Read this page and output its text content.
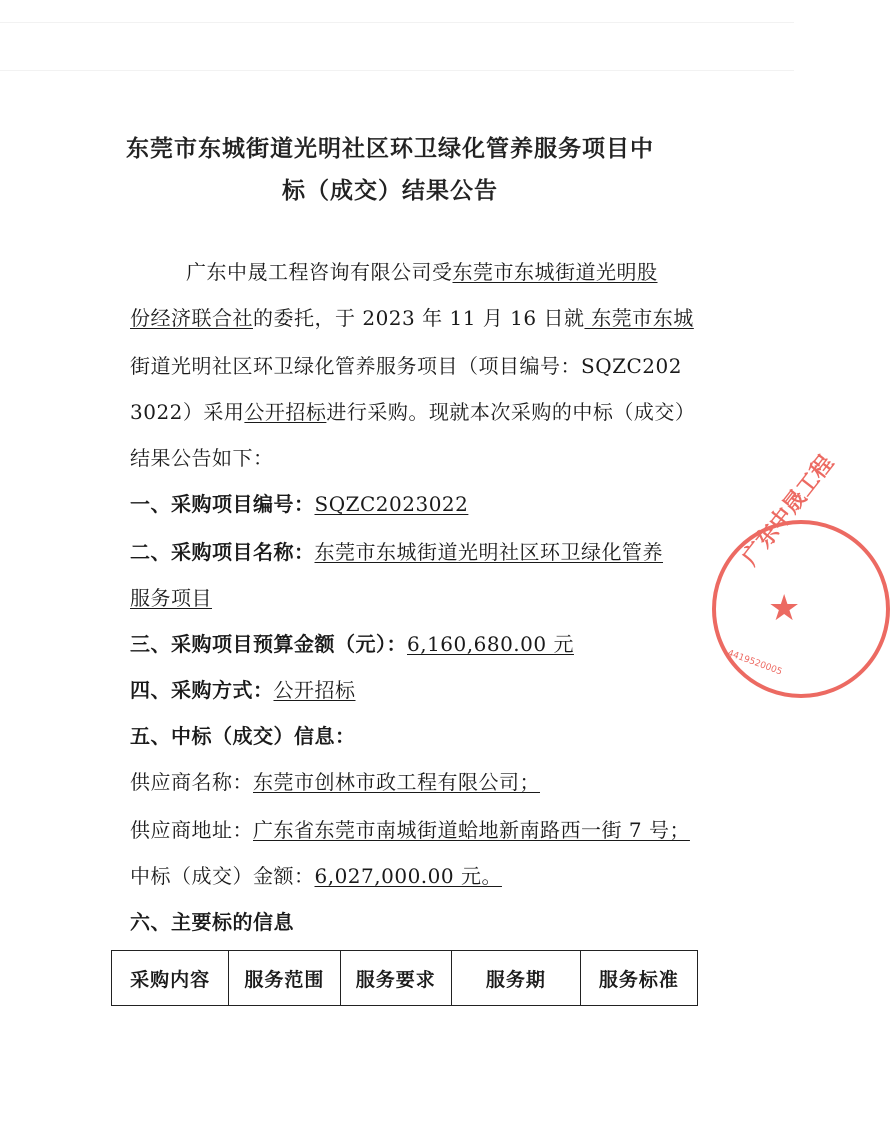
东莞市东城街道光明社区环卫绿化管养服务项目中
标（成交）结果公告
广东中晟工程咨询有限公司受东莞市东城街道光明股
份经济联合社的委托，于 2023 年 11 月 16 日就 东莞市东城
街道光明社区环卫绿化管养服务项目（项目编号：SQZC202
3022）采用公开招标进行采购。现就本次采购的中标（成交）
结果公告如下：
一、采购项目编号：SQZC2023022
二、采购项目名称：东莞市东城街道光明社区环卫绿化管养
服务项目
三、采购项目预算金额（元）：6,160,680.00 元
四、采购方式：公开招标
五、中标（成交）信息：
供应商名称：东莞市创林市政工程有限公司；
供应商地址：广东省东莞市南城街道蛤地新南路西一街 7 号；
中标（成交）金额：6,027,000.00 元。
六、主要标的信息
采购内容	服务范围	服务要求	服务期	服务标准
广东中晟工程
★
4419520005
